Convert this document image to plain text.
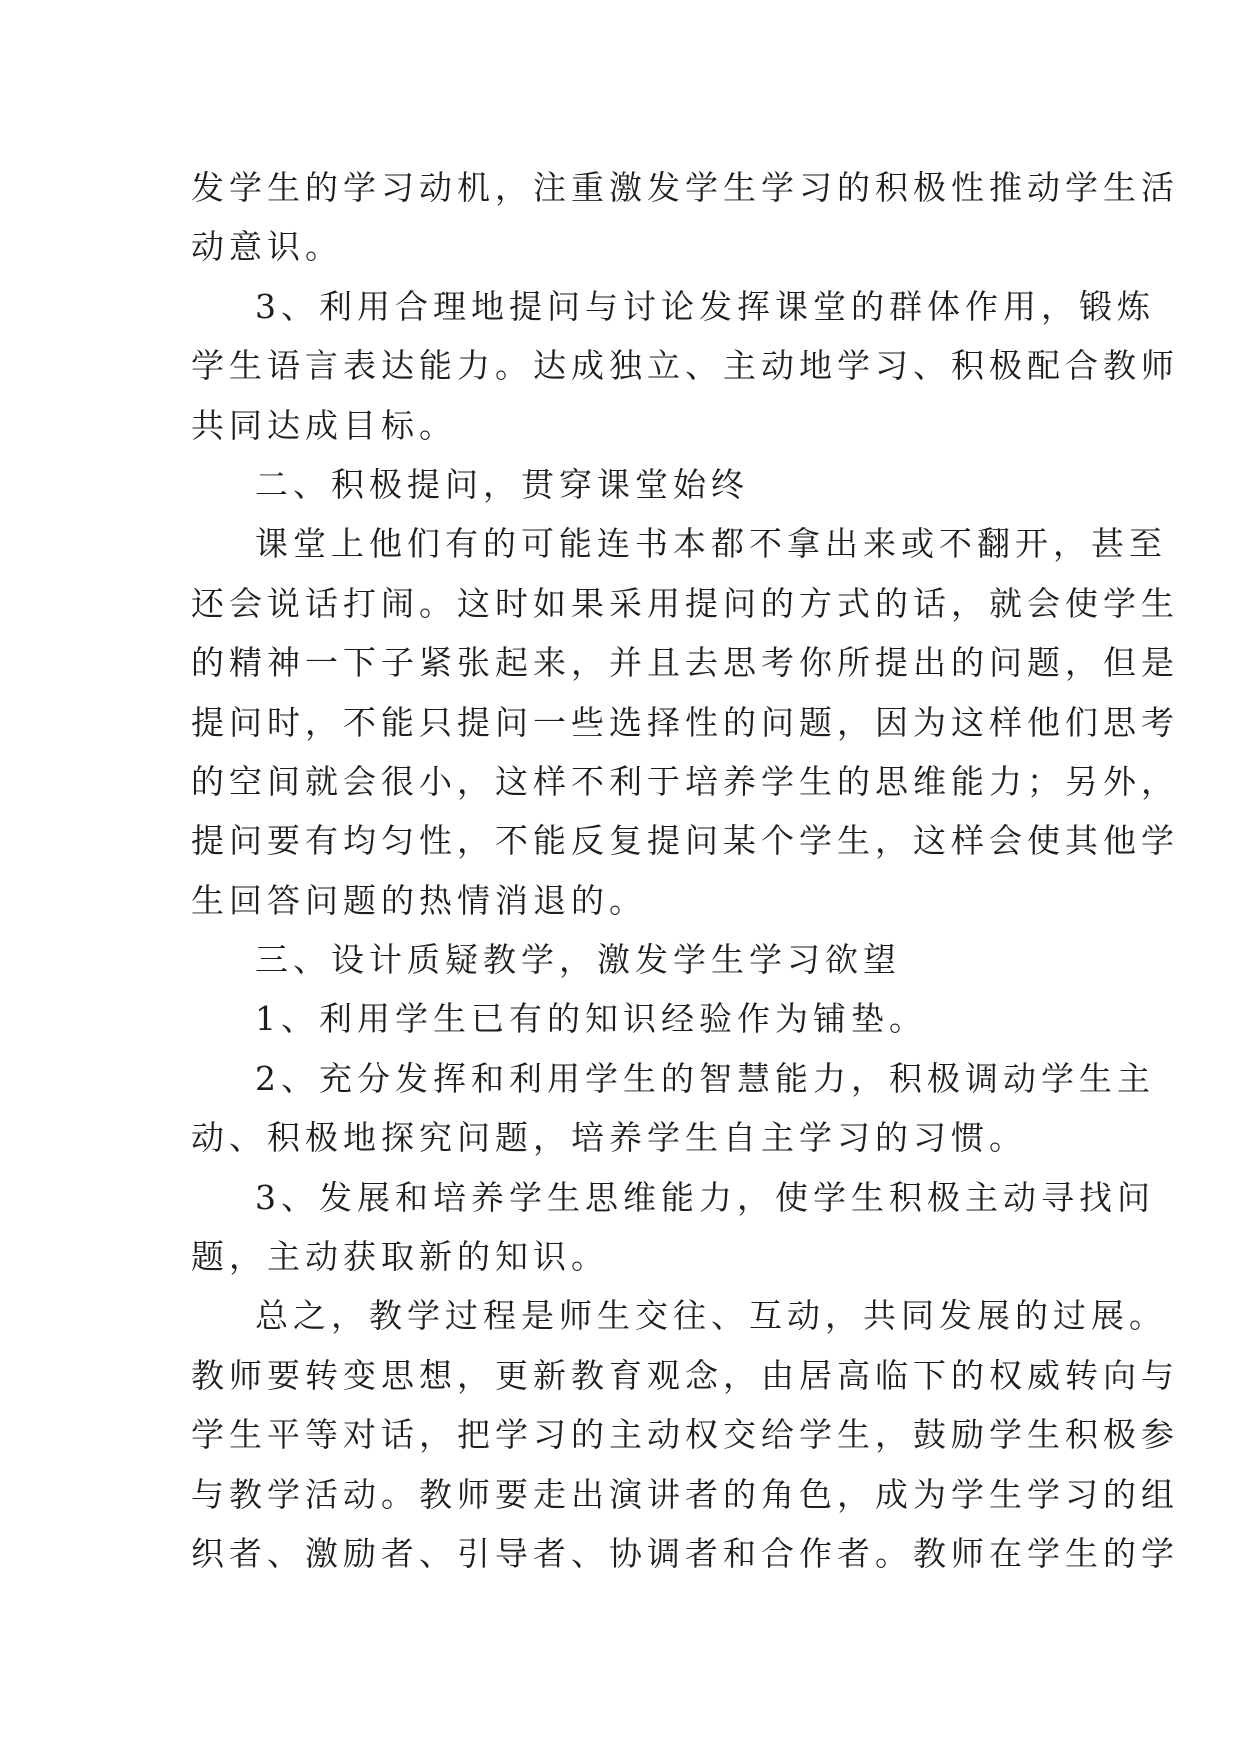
发学生的学习动机，注重激发学生学习的积极性推动学生活
动意识。
3、利用合理地提问与讨论发挥课堂的群体作用，锻炼
学生语言表达能力。达成独立、主动地学习、积极配合教师
共同达成目标。
二、积极提问，贯穿课堂始终
课堂上他们有的可能连书本都不拿出来或不翻开，甚至
还会说话打闹。这时如果采用提问的方式的话，就会使学生
的精神一下子紧张起来，并且去思考你所提出的问题，但是
提问时，不能只提问一些选择性的问题，因为这样他们思考
的空间就会很小，这样不利于培养学生的思维能力；另外，
提问要有均匀性，不能反复提问某个学生，这样会使其他学
生回答问题的热情消退的。
三、设计质疑教学，激发学生学习欲望
1、利用学生已有的知识经验作为铺垫。
2、充分发挥和利用学生的智慧能力，积极调动学生主
动、积极地探究问题，培养学生自主学习的习惯。
3、发展和培养学生思维能力，使学生积极主动寻找问
题，主动获取新的知识。
总之，教学过程是师生交往、互动，共同发展的过展。
教师要转变思想，更新教育观念，由居高临下的权威转向与
学生平等对话，把学习的主动权交给学生，鼓励学生积极参
与教学活动。教师要走出演讲者的角色，成为学生学习的组
织者、激励者、引导者、协调者和合作者。教师在学生的学
